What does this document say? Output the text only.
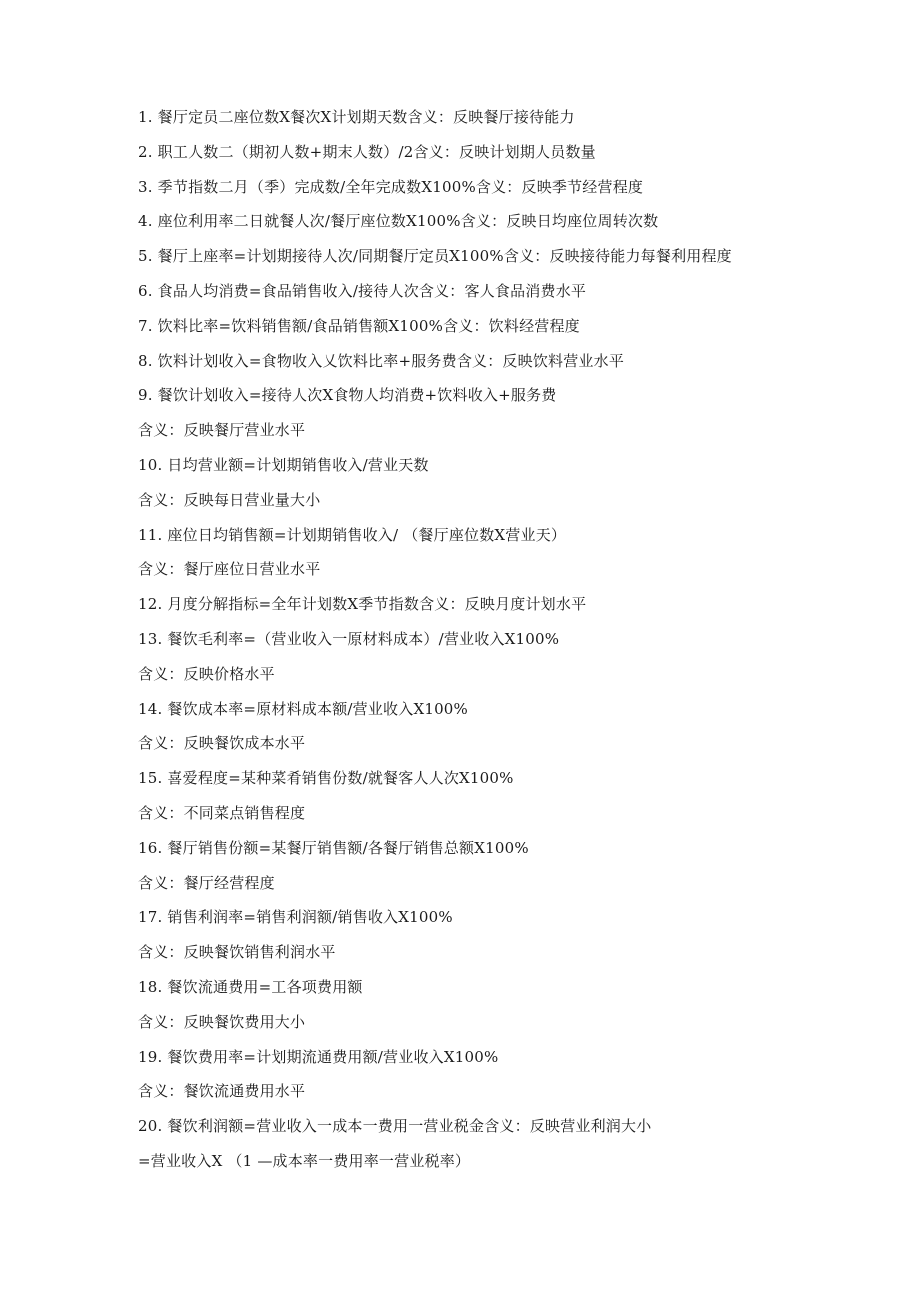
1. 餐厅定员二座位数X餐次X计划期天数含义：反映餐厅接待能力
2. 职工人数二（期初人数+期末人数）/2含义：反映计划期人员数量
3. 季节指数二月（季）完成数/全年完成数X100%含义：反映季节经营程度
4. 座位利用率二日就餐人次/餐厅座位数X100%含义：反映日均座位周转次数
5. 餐厅上座率=计划期接待人次/同期餐厅定员X100%含义：反映接待能力每餐利用程度
6. 食品人均消费=食品销售收入/接待人次含义：客人食品消费水平
7. 饮料比率=饮料销售额/食品销售额X100%含义：饮料经营程度
8. 饮料计划收入=食物收入乂饮料比率+服务费含义：反映饮料营业水平
9. 餐饮计划收入=接待人次X食物人均消费+饮料收入+服务费
含义：反映餐厅营业水平
10. 日均营业额=计划期销售收入/营业天数
含义：反映每日营业量大小
11. 座位日均销售额=计划期销售收入/ （餐厅座位数X营业天）
含义：餐厅座位日营业水平
12. 月度分解指标=全年计划数X季节指数含义：反映月度计划水平
13. 餐饮毛利率=（营业收入一原材料成本）/营业收入X100%
含义：反映价格水平
14. 餐饮成本率=原材料成本额/营业收入X100%
含义：反映餐饮成本水平
15. 喜爱程度=某种菜肴销售份数/就餐客人人次X100%
含义：不同菜点销售程度
16. 餐厅销售份额=某餐厅销售额/各餐厅销售总额X100%
含义：餐厅经营程度
17. 销售利润率=销售利润额/销售收入X100%
含义：反映餐饮销售利润水平
18. 餐饮流通费用=工各项费用额
含义：反映餐饮费用大小
19. 餐饮费用率=计划期流通费用额/营业收入X100%
含义：餐饮流通费用水平
20. 餐饮利润额=营业收入一成本一费用一营业税金含义：反映营业利润大小
=营业收入X （1 —成本率一费用率一营业税率）
